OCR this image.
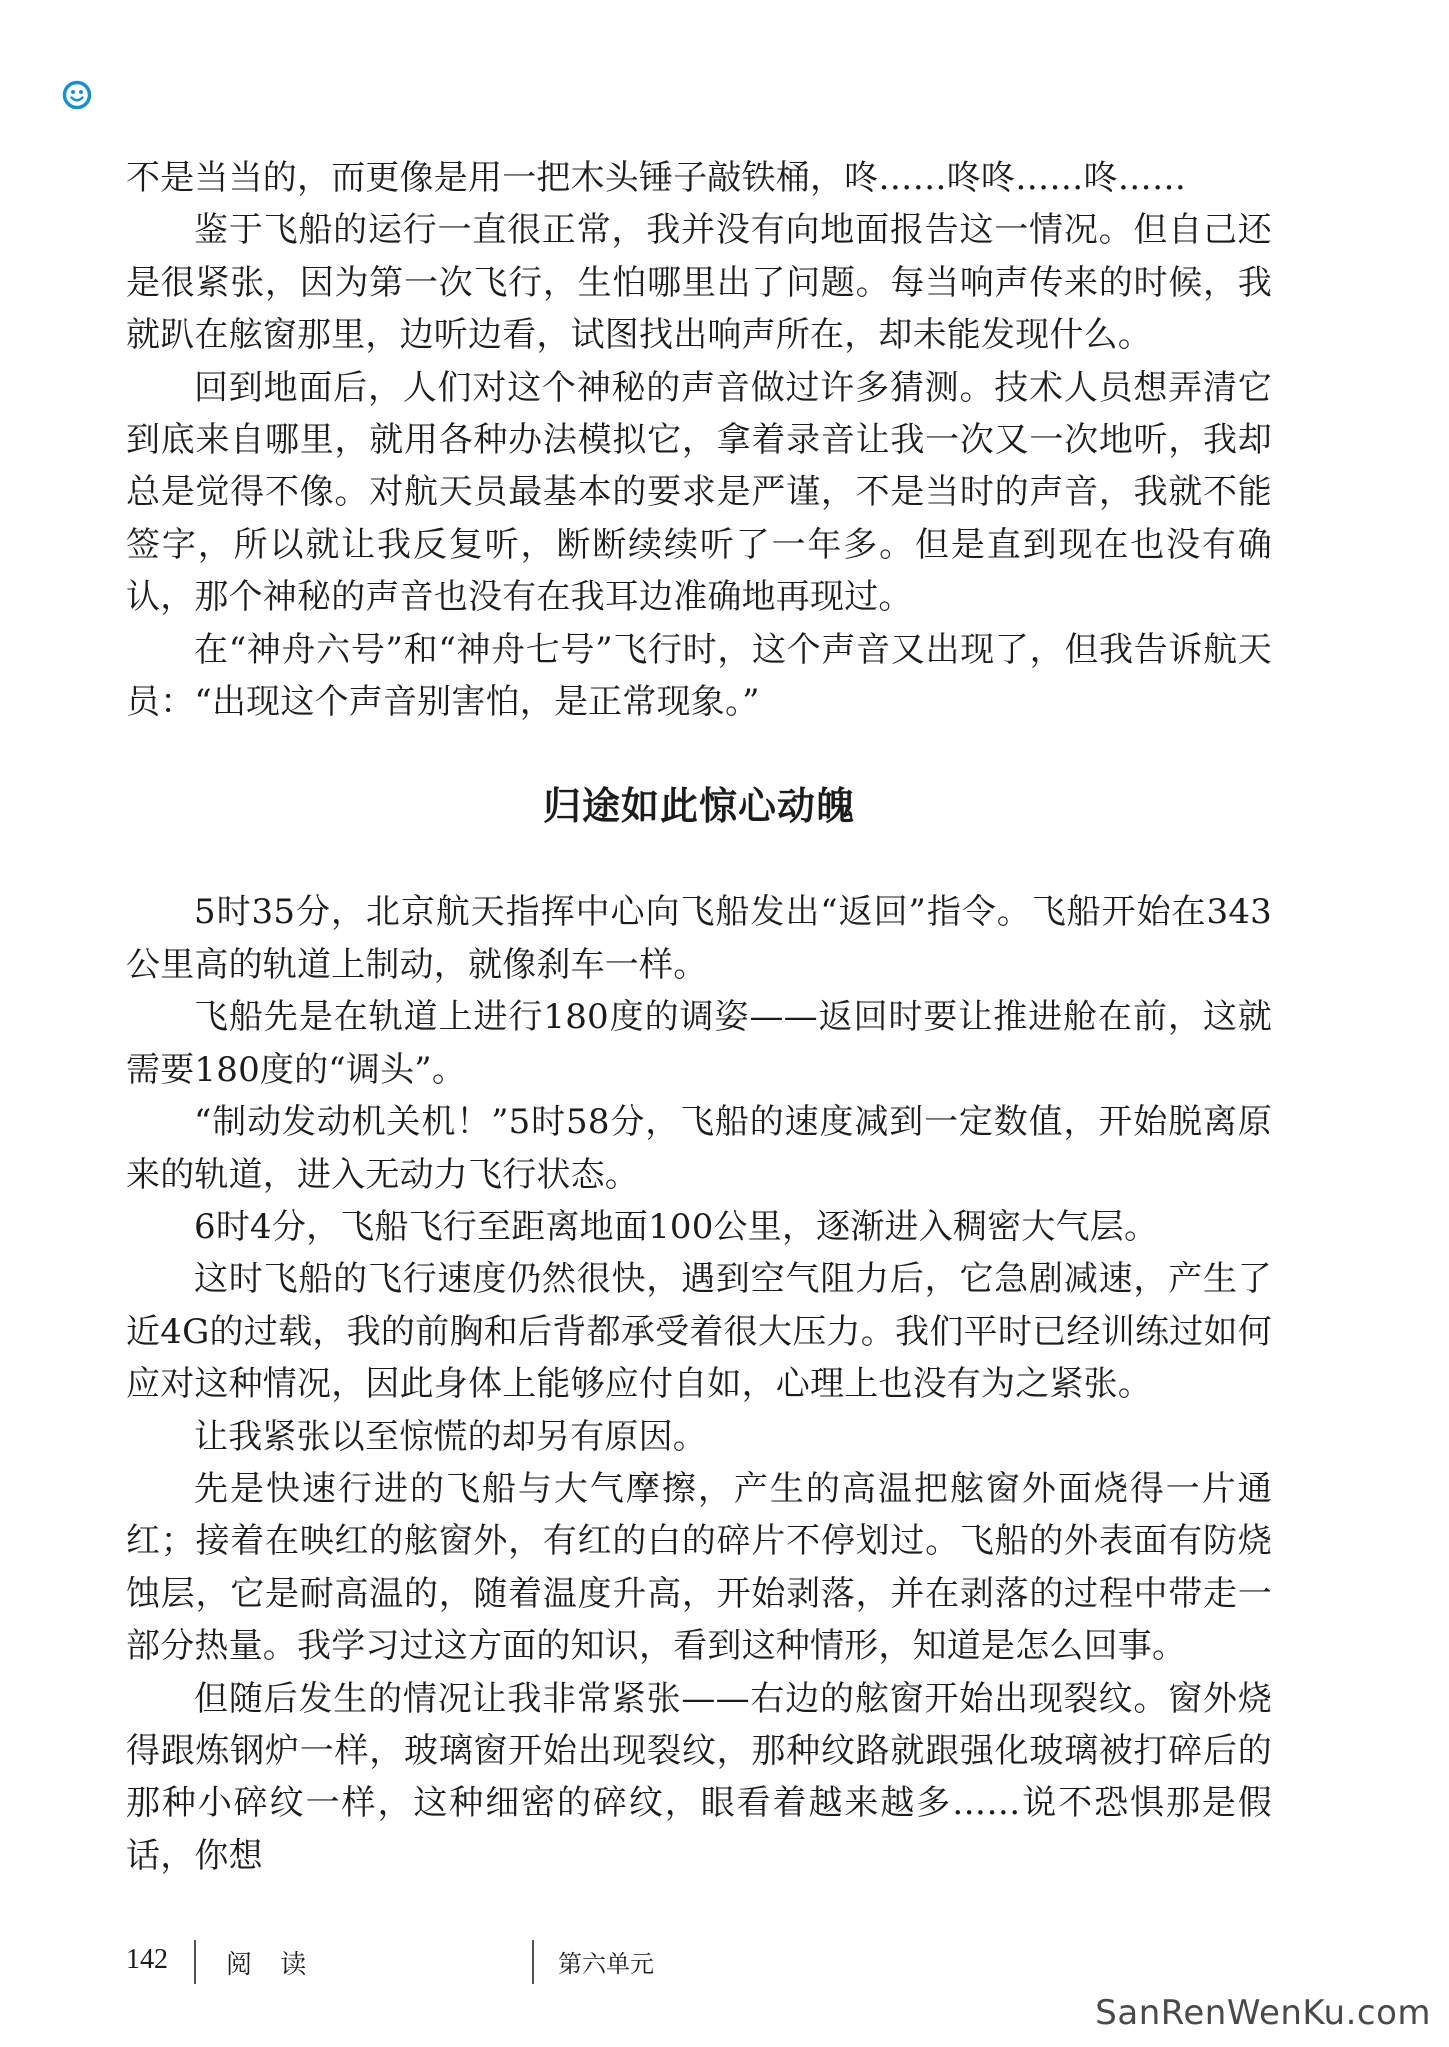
不是当当的，而更像是用一把木头锤子敲铁桶，咚……咚咚……咚……

鉴于飞船的运行一直很正常，我并没有向地面报告这一情况。但自己还是很紧张，因为第一次飞行，生怕哪里出了问题。每当响声传来的时候，我就趴在舷窗那里，边听边看，试图找出响声所在，却未能发现什么。

回到地面后，人们对这个神秘的声音做过许多猜测。技术人员想弄清它到底来自哪里，就用各种办法模拟它，拿着录音让我一次又一次地听，我却总是觉得不像。对航天员最基本的要求是严谨，不是当时的声音，我就不能签字，所以就让我反复听，断断续续听了一年多。但是直到现在也没有确认，那个神秘的声音也没有在我耳边准确地再现过。

在“神舟六号”和“神舟七号”飞行时，这个声音又出现了，但我告诉航天员：“出现这个声音别害怕，是正常现象。”

归途如此惊心动魄

5时35分，北京航天指挥中心向飞船发出“返回”指令。飞船开始在343公里高的轨道上制动，就像刹车一样。

飞船先是在轨道上进行180度的调姿——返回时要让推进舱在前，这就需要180度的“调头”。

“制动发动机关机！”5时58分，飞船的速度减到一定数值，开始脱离原来的轨道，进入无动力飞行状态。

6时4分，飞船飞行至距离地面100公里，逐渐进入稠密大气层。

这时飞船的飞行速度仍然很快，遇到空气阻力后，它急剧减速，产生了近4G的过载，我的前胸和后背都承受着很大压力。我们平时已经训练过如何应对这种情况，因此身体上能够应付自如，心理上也没有为之紧张。

让我紧张以至惊慌的却另有原因。

先是快速行进的飞船与大气摩擦，产生的高温把舷窗外面烧得一片通红；接着在映红的舷窗外，有红的白的碎片不停划过。飞船的外表面有防烧蚀层，它是耐高温的，随着温度升高，开始剥落，并在剥落的过程中带走一部分热量。我学习过这方面的知识，看到这种情形，知道是怎么回事。

但随后发生的情况让我非常紧张——右边的舷窗开始出现裂纹。窗外烧得跟炼钢炉一样，玻璃窗开始出现裂纹，那种纹路就跟强化玻璃被打碎后的那种小碎纹一样，这种细密的碎纹，眼看着越来越多……说不恐惧那是假话，你想

142 阅 读	第六单元
SanRenWenKu.com
